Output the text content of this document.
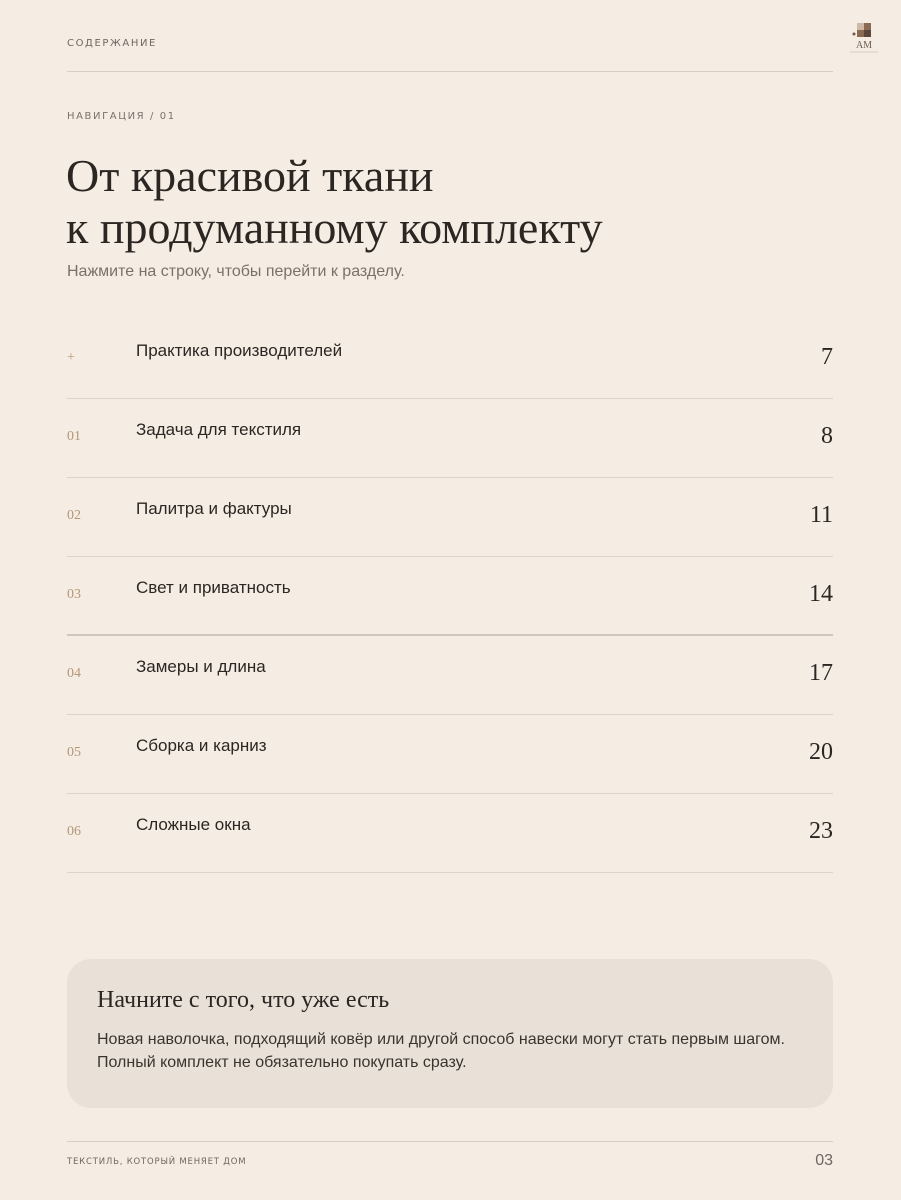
СОДЕРЖАНИЕ	AM
НАВИГАЦИЯ / 01
От красивой ткани
к продуманному комплекту
Нажмите на строку, чтобы перейти к разделу.
+	Практика производителей	7
01	Задача для текстиля	8
02	Палитра и фактуры	11
03	Свет и приватность	14
04	Замеры и длина	17
05	Сборка и карниз	20
06	Сложные окна	23
Начните с того, что уже есть
Новая наволочка, подходящий ковёр или другой способ навески могут стать первым шагом.
Полный комплект не обязательно покупать сразу.
ТЕКСТИЛЬ, КОТОРЫЙ МЕНЯЕТ ДОМ	03
